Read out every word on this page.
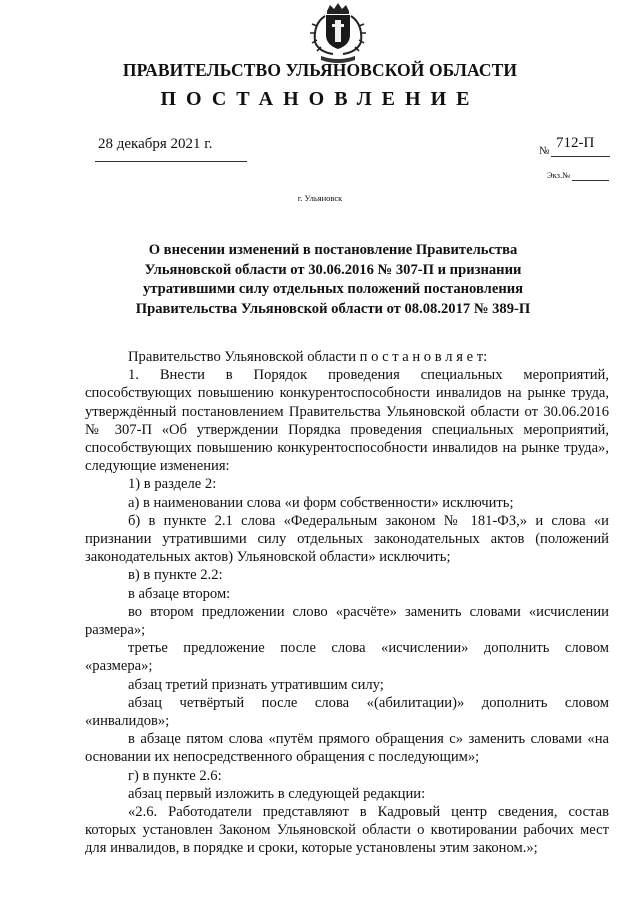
ПРАВИТЕЛЬСТВО УЛЬЯНОВСКОЙ ОБЛАСТИ
ПОСТАНОВЛЕНИЕ
28 декабря 2021 г.	№ 712-П
Экз.№
г. Ульяновск
О внесении изменений в постановление Правительства
Ульяновской области от 30.06.2016 № 307-П и признании
утратившими силу отдельных положений постановления
Правительства Ульяновской области от 08.08.2017 № 389-П

Правительство Ульяновской области п о с т а н о в л я е т:

1. Внести в Порядок проведения специальных мероприятий, способствующих повышению конкурентоспособности инвалидов на рынке труда, утверждённый постановлением Правительства Ульяновской области от 30.06.2016 № 307-П «Об утверждении Порядка проведения специальных мероприятий, способствующих повышению конкурентоспособности инвалидов на рынке труда», следующие изменения:

1) в разделе 2:

а) в наименовании слова «и форм собственности» исключить;

б) в пункте 2.1 слова «Федеральным законом № 181-ФЗ,» и слова «и признании утратившими силу отдельных законодательных актов (положений законодательных актов) Ульяновской области» исключить;

в) в пункте 2.2:

в абзаце втором:

во втором предложении слово «расчёте» заменить словами «исчислении размера»;

третье предложение после слова «исчислении» дополнить словом «размера»;

абзац третий признать утратившим силу;

абзац четвёртый после слова «(абилитации)» дополнить словом «инвалидов»;

в абзаце пятом слова «путём прямого обращения с» заменить словами «на основании их непосредственного обращения с последующим»;

г) в пункте 2.6:

абзац первый изложить в следующей редакции:

«2.6. Работодатели представляют в Кадровый центр сведения, состав которых установлен Законом Ульяновской области о квотировании рабочих мест для инвалидов, в порядке и сроки, которые установлены этим законом.»;
